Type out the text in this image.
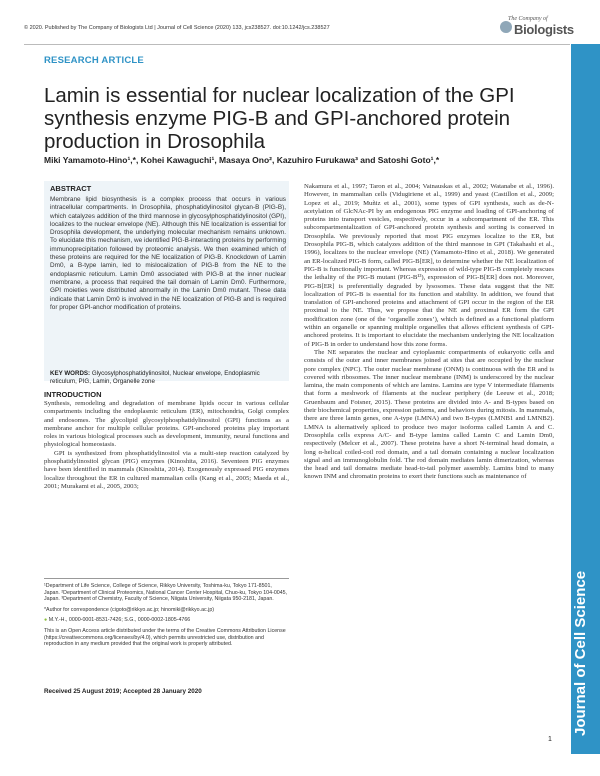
© 2020. Published by The Company of Biologists Ltd | Journal of Cell Science (2020) 133, jcs238527. doi:10.1242/jcs.238527
The Company of
Biologists
Journal of Cell Science
RESEARCH ARTICLE
Lamin is essential for nuclear localization of the GPI synthesis enzyme PIG-B and GPI-anchored protein production in Drosophila
Miki Yamamoto-Hino¹,*, Kohei Kawaguchi¹, Masaya Ono², Kazuhiro Furukawa³ and Satoshi Goto¹,*
ABSTRACT
Membrane lipid biosynthesis is a complex process that occurs in various intracellular compartments. In Drosophila, phosphatidylinositol glycan-B (PIG-B), which catalyzes addition of the third mannose in glycosylphosphatidylinositol (GPI), localizes to the nuclear envelope (NE). Although this NE localization is essential for Drosophila development, the underlying molecular mechanism remains unknown. To elucidate this mechanism, we identified PIG-B-interacting proteins by performing immunoprecipitation followed by proteomic analysis. We then examined which of these proteins are required for the NE localization of PIG-B. Knockdown of Lamin Dm0, a B-type lamin, led to mislocalization of PIG-B from the NE to the endoplasmic reticulum. Lamin Dm0 associated with PIG-B at the inner nuclear membrane, a process that required the tail domain of Lamin Dm0. Furthermore, GPI moieties were distributed abnormally in the Lamin Dm0 mutant. These data indicate that Lamin Dm0 is involved in the NE localization of PIG-B and is required for proper GPI-anchor modification of proteins.
KEY WORDS: Glycosylphosphatidylinositol, Nuclear envelope, Endoplasmic reticulum, PIG, Lamin, Organelle zone
INTRODUCTION

Synthesis, remodeling and degradation of membrane lipids occur in various cellular compartments including the endoplasmic reticulum (ER), mitochondria, Golgi complex and endosomes. The glycolipid glycosylphosphatidylinositol (GPI) functions as a membrane anchor for multiple cellular proteins. GPI-anchored proteins play important roles in various biological processes such as development, immunity, neural functions and physiological homeostasis.

GPI is synthesized from phosphatidylinositol via a multi-step reaction catalyzed by phosphatidylinositol glycan (PIG) enzymes (Kinoshita, 2016). Seventeen PIG enzymes have been identified in mammals (Kinoshita, 2014). Exogenously expressed PIG enzymes localize throughout the ER in cultured mammalian cells (Kang et al., 2005; Maeda et al., 2001; Murakami et al., 2005, 2003;

¹Department of Life Science, College of Science, Rikkyo University, Toshima-ku, Tokyo 171-8501, Japan. ²Department of Clinical Proteomics, National Cancer Center Hospital, Chuo-ku, Tokyo 104-0045, Japan. ³Department of Chemistry, Faculty of Science, Niigata University, Niigata 950-2181, Japan.

*Author for correspondence (cigoto@rikkyo.ac.jp; hinomiki@rikkyo.ac.jp)

● M.Y.-H., 0000-0001-8531-7426; S.G., 0000-0002-1805-4766

This is an Open Access article distributed under the terms of the Creative Commons Attribution License (https://creativecommons.org/licenses/by/4.0), which permits unrestricted use, distribution and reproduction in any medium provided that the original work is properly attributed.

Received 25 August 2019; Accepted 28 January 2020

Nakamura et al., 1997; Taron et al., 2004; Vainauskas et al., 2002; Watanabe et al., 1996). However, in mammalian cells (Vidugiriene et al., 1999) and yeast (Castillon et al., 2009; Lopez et al., 2019; Muñiz et al., 2001), some types of GPI synthesis, such as de-N-acetylation of GlcNAc-PI by an endogenous PIG enzyme and loading of GPI-anchoring of proteins into transport vesicles, respectively, occur in a subcompartment of the ER. This subcompartmentalization of GPI-anchored protein synthesis and sorting is conserved in Drosophila. We previously reported that most PIG enzymes localize to the ER, but Drosophila PIG-B, which catalyzes addition of the third mannose in GPI (Takahashi et al., 1996), localizes to the nuclear envelope (NE) (Yamamoto-Hino et al., 2018). We generated an ER-localized PIG-B form, called PIG-B[ER], to determine whether the NE localization of PIG-B is functionally important. Whereas expression of wild-type PIG-B completely rescues the lethality of the PIG-B mutant (PIG-B¹³), expression of PIG-B[ER] does not. Moreover, PIG-B[ER] is preferentially degraded by lysosomes. These data suggest that the NE localization of PIG-B is essential for its function and stability. In addition, we found that translation of GPI-anchored proteins and attachment of GPI occur in the region of the ER proximal to the NE. Thus, we propose that the NE and proximal ER form the GPI modification zone (one of the ‘organelle zones’), which is defined as a functional platform within an organelle or spanning multiple organelles that allows efficient synthesis of GPI-anchored proteins. It is important to elucidate the mechanism underlying the NE localization of PIG-B in order to understand how this zone forms.

The NE separates the nuclear and cytoplasmic compartments of eukaryotic cells and consists of the outer and inner membranes joined at sites that are occupied by the nuclear pore complex (NPC). The outer nuclear membrane (ONM) is continuous with the ER and is covered with ribosomes. The inner nuclear membrane (INM) is underscored by the nuclear lamina, the main components of which are lamins. Lamins are type V intermediate filaments that form a meshwork of filaments at the nuclear periphery (de Leeuw et al., 2018; Gruenbaum and Foisner, 2015). These proteins are divided into A- and B-types based on their biochemical properties, expression patterns, and behaviors during mitosis. In mammals, there are three lamin genes, one A-type (LMNA) and two B-types (LMNB1 and LMNB2). LMNA is alternatively spliced to produce two major isoforms called Lamin A and C. Drosophila cells express A/C- and B-type lamins called Lamin C and Lamin Dm0, respectively (Melcer et al., 2007). These proteins have a short N-terminal head domain, a long α-helical coiled-coil rod domain, and a tail domain containing a nuclear localization signal and an immunoglobulin fold. The rod domain mediates lamin dimerization, whereas the head and tail domains mediate head-to-tail polymer assembly. Lamins bind to many known INM and chromatin proteins to exert their functions such as maintenance of

1
